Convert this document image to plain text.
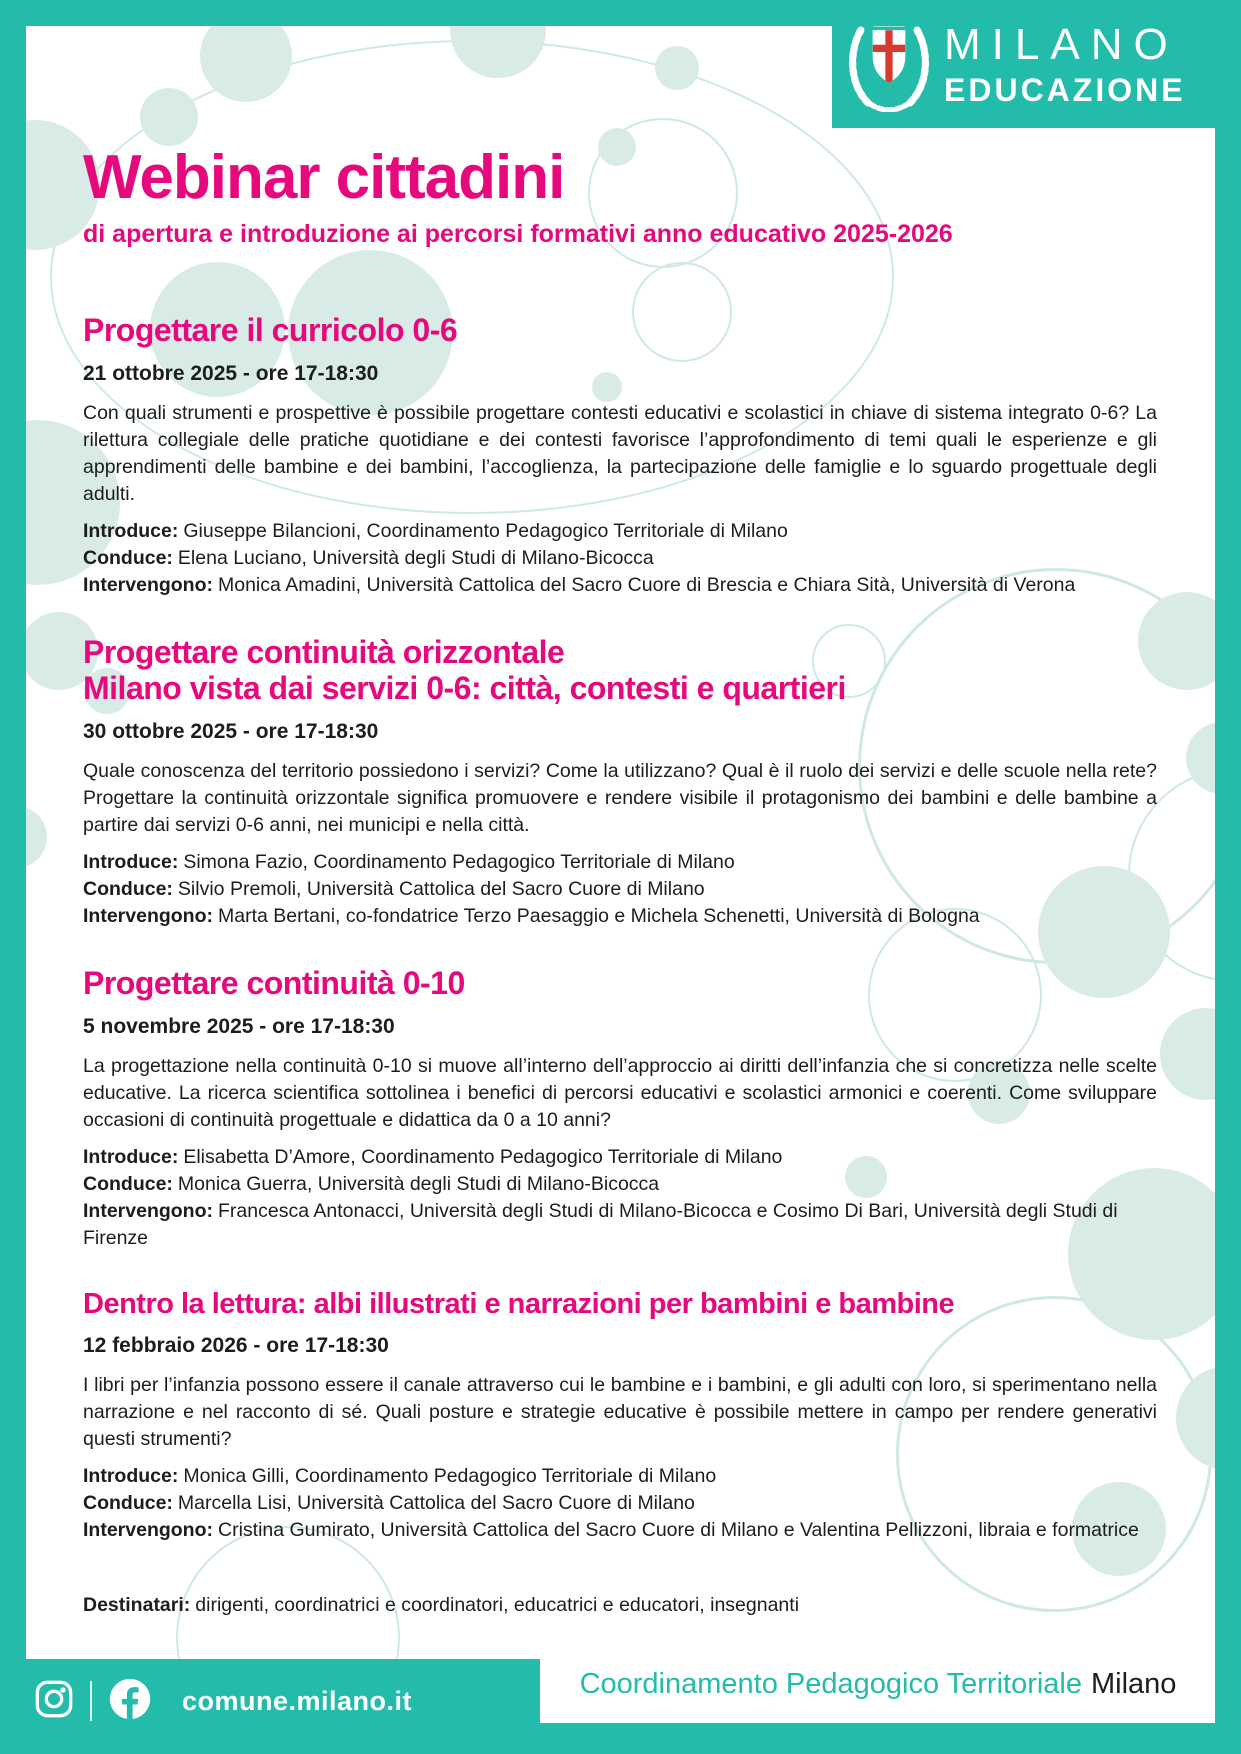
MILANO
EDUCAZIONE
Webinar cittadini
di apertura e introduzione ai percorsi formativi anno educativo 2025-2026
Progettare il curricolo 0-6
21 ottobre 2025 - ore 17-18:30
Con quali strumenti e prospettive è possibile progettare contesti educativi e scolastici in chiave di sistema integrato 0-6? La rilettura collegiale delle pratiche quotidiane e dei contesti favorisce l’approfondimento di temi quali le esperienze e gli apprendimenti delle bambine e dei bambini, l’accoglienza, la partecipazione delle famiglie e lo sguardo progettuale degli adulti.
Introduce: Giuseppe Bilancioni, Coordinamento Pedagogico Territoriale di Milano
Conduce: Elena Luciano, Università degli Studi di Milano-Bicocca
Intervengono: Monica Amadini, Università Cattolica del Sacro Cuore di Brescia e Chiara Sità, Università di Verona
Progettare continuità orizzontale
Milano vista dai servizi 0-6: città, contesti e quartieri
30 ottobre 2025 - ore 17-18:30
Quale conoscenza del territorio possiedono i servizi? Come la utilizzano? Qual è il ruolo dei servizi e delle scuole nella rete? Progettare la continuità orizzontale significa promuovere e rendere visibile il protagonismo dei bambini e delle bambine a partire dai servizi 0-6 anni, nei municipi e nella città.
Introduce: Simona Fazio, Coordinamento Pedagogico Territoriale di Milano
Conduce: Silvio Premoli, Università Cattolica del Sacro Cuore di Milano
Intervengono: Marta Bertani, co-fondatrice Terzo Paesaggio e Michela Schenetti, Università di Bologna
Progettare continuità 0-10
5 novembre 2025 - ore 17-18:30
La progettazione nella continuità 0-10 si muove all’interno dell’approccio ai diritti dell’infanzia che si concretizza nelle scelte educative. La ricerca scientifica sottolinea i benefici di percorsi educativi e scolastici armonici e coerenti. Come sviluppare occasioni di continuità progettuale e didattica da 0 a 10 anni?
Introduce: Elisabetta D’Amore, Coordinamento Pedagogico Territoriale di Milano
Conduce: Monica Guerra, Università degli Studi di Milano-Bicocca
Intervengono: Francesca Antonacci, Università degli Studi di Milano-Bicocca e Cosimo Di Bari, Università degli Studi di Firenze
Dentro la lettura: albi illustrati e narrazioni per bambini e bambine
12 febbraio 2026 - ore 17-18:30
I libri per l’infanzia possono essere il canale attraverso cui le bambine e i bambini, e gli adulti con loro, si sperimentano nella narrazione e nel racconto di sé. Quali posture e strategie educative è possibile mettere in campo per rendere generativi questi strumenti?
Introduce: Monica Gilli, Coordinamento Pedagogico Territoriale di Milano
Conduce: Marcella Lisi, Università Cattolica del Sacro Cuore di Milano
Intervengono: Cristina Gumirato, Università Cattolica del Sacro Cuore di Milano e Valentina Pellizzoni, libraia e formatrice
Destinatari: dirigenti, coordinatrici e coordinatori, educatrici e educatori, insegnanti
comune.milano.it
Coordinamento Pedagogico Territoriale Milano
